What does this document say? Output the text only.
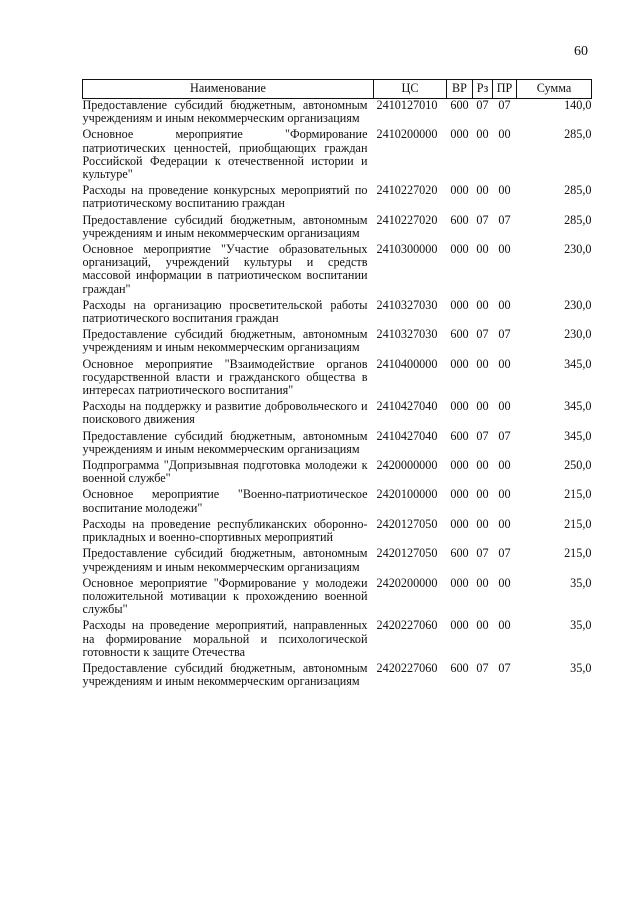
60
Наименование	ЦС	ВР	Рз	ПР	Сумма
Предоставление субсидий бюджетным, автономным учреждениям и иным некоммерческим организациям	2410127010	600	07	07	140,0
Основное мероприятие "Формирование патриотических ценностей, приобщающих граждан Российской Федерации к отечественной истории и культуре"	2410200000	000	00	00	285,0
Расходы на проведение конкурсных мероприятий по патриотическому воспитанию граждан	2410227020	000	00	00	285,0
Предоставление субсидий бюджетным, автономным учреждениям и иным некоммерческим организациям	2410227020	600	07	07	285,0
Основное мероприятие "Участие образовательных организаций, учреждений культуры и средств массовой информации в патриотическом воспитании граждан"	2410300000	000	00	00	230,0
Расходы на организацию просветительской работы патриотического воспитания граждан	2410327030	000	00	00	230,0
Предоставление субсидий бюджетным, автономным учреждениям и иным некоммерческим организациям	2410327030	600	07	07	230,0
Основное мероприятие "Взаимодействие органов государственной власти и гражданского общества в интересах патриотического воспитания"	2410400000	000	00	00	345,0
Расходы на поддержку и развитие добровольческого и поискового движения	2410427040	000	00	00	345,0
Предоставление субсидий бюджетным, автономным учреждениям и иным некоммерческим организациям	2410427040	600	07	07	345,0
Подпрограмма "Допризывная подготовка молодежи к военной службе"	2420000000	000	00	00	250,0
Основное мероприятие "Военно-патриотическое воспитание молодежи"	2420100000	000	00	00	215,0
Расходы на проведение республиканских оборонно-прикладных и военно-спортивных мероприятий	2420127050	000	00	00	215,0
Предоставление субсидий бюджетным, автономным учреждениям и иным некоммерческим организациям	2420127050	600	07	07	215,0
Основное мероприятие "Формирование у молодежи положительной мотивации к прохождению военной службы"	2420200000	000	00	00	35,0
Расходы на проведение мероприятий, направленных на формирование моральной и психологической готовности к защите Отечества	2420227060	000	00	00	35,0
Предоставление субсидий бюджетным, автономным учреждениям и иным некоммерческим организациям	2420227060	600	07	07	35,0
